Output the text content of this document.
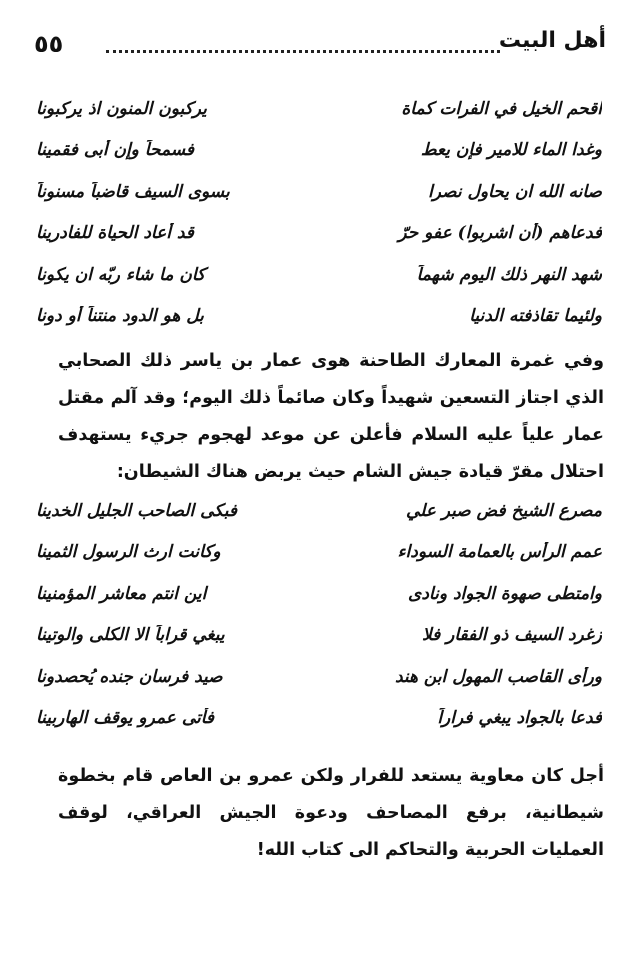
٥٥	أهل البيت
اقحم الخيل في الفرات كماة
يركبون المنون اذ يركبونا
وغدا الماء للامير فإن يعط
فسمحاً وإن أبى فقمينا
صانه الله ان يحاول نصرا
بسوى السيف قاضباً مسنوناً
فدعاهم (أن اشربوا) عفو حرّ
قد أعاد الحياة للفادرينا
شهد النهر ذلك اليوم شهماً
كان ما شاء ربّه ان يكونا
ولئيما تقاذفته الدنيا
بل هو الدود منتناً أو دونا

وفي غمرة المعارك الطاحنة هوى عمار بن ياسر ذلك الصحابي الذي اجتاز التسعين شهيداً وكان صائماً ذلك اليوم؛ وقد آلم مقتل عمار علياً عليه السلام فأعلن عن موعد لهجوم جريء يستهدف احتلال مقرّ قيادة جيش الشام حيث يربض هناك الشيطان:

مصرع الشيخ فض صبر علي
فبكى الصاحب الجليل الخدينا
عمم الرأس بالعمامة السوداء
وكانت ارث الرسول الثمينا
وامتطى صهوة الجواد ونادى
اين انتم معاشر المؤمنينا
زغرد السيف ذو الفقار فلا
يبغي قراباً الا الكلى والوتينا
ورأى القاصب المهول ابن هند
صيد فرسان جنده يُحصدونا
فدعا بالجواد يبغي فراراً
فأتى عمرو يوقف الهاربينا

أجل كان معاوية يستعد للفرار ولكن عمرو بن العاص قام بخطوة شيطانية، برفع المصاحف ودعوة الجيش العراقي، لوقف العمليات الحربية والتحاكم الى كتاب الله!
